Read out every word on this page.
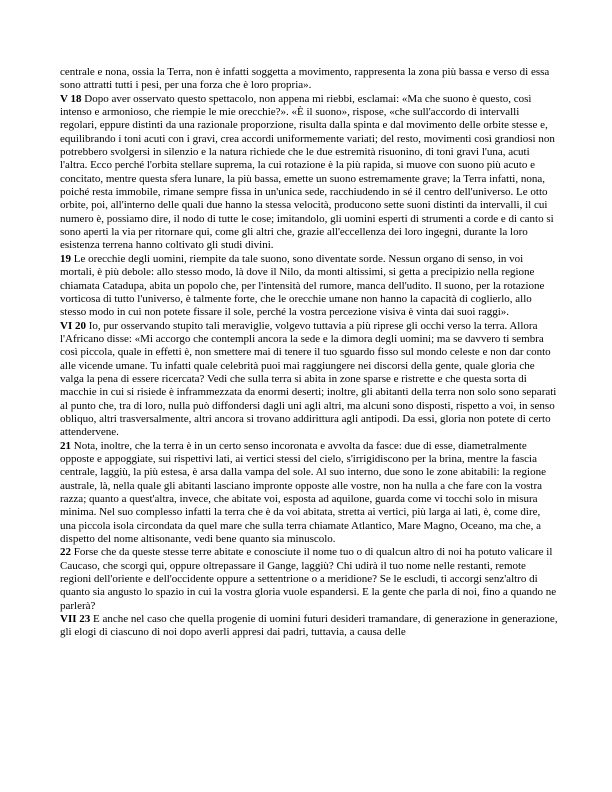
centrale e nona, ossia la Terra, non è infatti soggetta a movimento, rappresenta la zona più bassa e verso di essa sono attratti tutti i pesi, per una forza che è loro propria».

V 18 Dopo aver osservato questo spettacolo, non appena mi riebbi, esclamai: «Ma che suono è questo, così intenso e armonioso, che riempie le mie orecchie?». «È il suono», rispose, «che sull'accordo di intervalli regolari, eppure distinti da una razionale proporzione, risulta dalla spinta e dal movimento delle orbite stesse e, equilibrando i toni acuti con i gravi, crea accordi uniformemente variati; del resto, movimenti così grandiosi non potrebbero svolgersi in silenzio e la natura richiede che le due estremità risuonino, di toni gravi l'una, acuti l'altra. Ecco perché l'orbita stellare suprema, la cui rotazione è la più rapida, si muove con suono più acuto e concitato, mentre questa sfera lunare, la più bassa, emette un suono estremamente grave; la Terra infatti, nona, poiché resta immobile, rimane sempre fissa in un'unica sede, racchiudendo in sé il centro dell'universo. Le otto orbite, poi, all'interno delle quali due hanno la stessa velocità, producono sette suoni distinti da intervalli, il cui numero è, possiamo dire, il nodo di tutte le cose; imitandolo, gli uomini esperti di strumenti a corde e di canto si sono aperti la via per ritornare qui, come gli altri che, grazie all'eccellenza dei loro ingegni, durante la loro esistenza terrena hanno coltivato gli studi divini.

19 Le orecchie degli uomini, riempite da tale suono, sono diventate sorde. Nessun organo di senso, in voi mortali, è più debole: allo stesso modo, là dove il Nilo, da monti altissimi, si getta a precipizio nella regione chiamata Catadupa, abita un popolo che, per l'intensità del rumore, manca dell'udito. Il suono, per la rotazione vorticosa di tutto l'universo, è talmente forte, che le orecchie umane non hanno la capacità di coglierlo, allo stesso modo in cui non potete fissare il sole, perché la vostra percezione visiva è vinta dai suoi raggi».

VI 20 Io, pur osservando stupito tali meraviglie, volgevo tuttavia a più riprese gli occhi verso la terra. Allora l'Africano disse: «Mi accorgo che contempli ancora la sede e la dimora degli uomini; ma se davvero ti sembra così piccola, quale in effetti è, non smettere mai di tenere il tuo sguardo fisso sul mondo celeste e non dar conto alle vicende umane. Tu infatti quale celebrità puoi mai raggiungere nei discorsi della gente, quale gloria che valga la pena di essere ricercata? Vedi che sulla terra si abita in zone sparse e ristrette e che questa sorta di macchie in cui si risiede è inframmezzata da enormi deserti; inoltre, gli abitanti della terra non solo sono separati al punto che, tra di loro, nulla può diffondersi dagli uni agli altri, ma alcuni sono disposti, rispetto a voi, in senso obliquo, altri trasversalmente, altri ancora si trovano addirittura agli antipodi. Da essi, gloria non potete di certo attendervene.

21 Nota, inoltre, che la terra è in un certo senso incoronata e avvolta da fasce: due di esse, diametralmente opposte e appoggiate, sui rispettivi lati, ai vertici stessi del cielo, s'irrigidiscono per la brina, mentre la fascia centrale, laggiù, la più estesa, è arsa dalla vampa del sole. Al suo interno, due sono le zone abitabili: la regione australe, là, nella quale gli abitanti lasciano impronte opposte alle vostre, non ha nulla a che fare con la vostra razza; quanto a quest'altra, invece, che abitate voi, esposta ad aquilone, guarda come vi tocchi solo in misura minima. Nel suo complesso infatti la terra che è da voi abitata, stretta ai vertici, più larga ai lati, è, come dire, una piccola isola circondata da quel mare che sulla terra chiamate Atlantico, Mare Magno, Oceano, ma che, a dispetto del nome altisonante, vedi bene quanto sia minuscolo.

22 Forse che da queste stesse terre abitate e conosciute il nome tuo o di qualcun altro di noi ha potuto valicare il Caucaso, che scorgi qui, oppure oltrepassare il Gange, laggiù? Chi udirà il tuo nome nelle restanti, remote regioni dell'oriente e dell'occidente oppure a settentrione o a meridione? Se le escludi, ti accorgi senz'altro di quanto sia angusto lo spazio in cui la vostra gloria vuole espandersi. E la gente che parla di noi, fino a quando ne parlerà?

VII 23 E anche nel caso che quella progenie di uomini futuri desideri tramandare, di generazione in generazione, gli elogi di ciascuno di noi dopo averli appresi dai padri, tuttavia, a causa delle
